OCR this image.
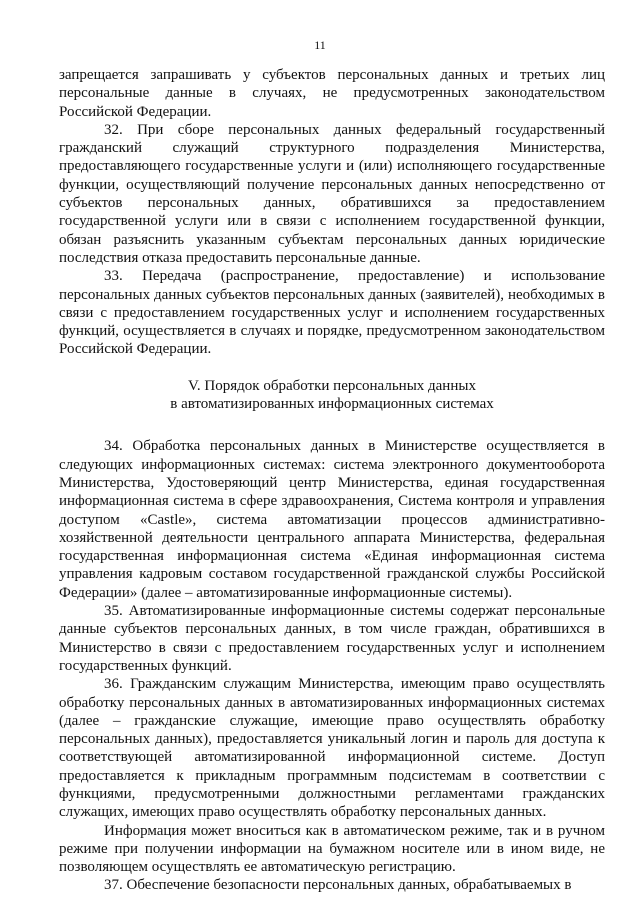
11

запрещается запрашивать у субъектов персональных данных и третьих лиц персональные данные в случаях, не предусмотренных законодательством Российской Федерации.

32. При сборе персональных данных федеральный государственный гражданский служащий структурного подразделения Министерства, предоставляющего государственные услуги и (или) исполняющего государственные функции, осуществляющий получение персональных данных непосредственно от субъектов персональных данных, обратившихся за предоставлением государственной услуги или в связи с исполнением государственной функции, обязан разъяснить указанным субъектам персональных данных юридические последствия отказа предоставить персональные данные.

33. Передача (распространение, предоставление) и использование персональных данных субъектов персональных данных (заявителей), необходимых в связи с предоставлением государственных услуг и исполнением государственных функций, осуществляется в случаях и порядке, предусмотренном законодательством Российской Федерации.

V. Порядок обработки персональных данных
в автоматизированных информационных системах

34. Обработка персональных данных в Министерстве осуществляется в следующих информационных системах: система электронного документооборота Министерства, Удостоверяющий центр Министерства, единая государственная информационная система в сфере здравоохранения, Система контроля и управления доступом «Castle», система автоматизации процессов административно-хозяйственной деятельности центрального аппарата Министерства, федеральная государственная информационная система «Единая информационная система управления кадровым составом государственной гражданской службы Российской Федерации» (далее – автоматизированные информационные системы).

35. Автоматизированные информационные системы содержат персональные данные субъектов персональных данных, в том числе граждан, обратившихся в Министерство в связи с предоставлением государственных услуг и исполнением государственных функций.

36. Гражданским служащим Министерства, имеющим право осуществлять обработку персональных данных в автоматизированных информационных системах (далее – гражданские служащие, имеющие право осуществлять обработку персональных данных), предоставляется уникальный логин и пароль для доступа к соответствующей автоматизированной информационной системе. Доступ предоставляется к прикладным программным подсистемам в соответствии с функциями, предусмотренными должностными регламентами гражданских служащих, имеющих право осуществлять обработку персональных данных.

Информация может вноситься как в автоматическом режиме, так и в ручном режиме при получении информации на бумажном носителе или в ином виде, не позволяющем осуществлять ее автоматическую регистрацию.

37. Обеспечение безопасности персональных данных, обрабатываемых в
